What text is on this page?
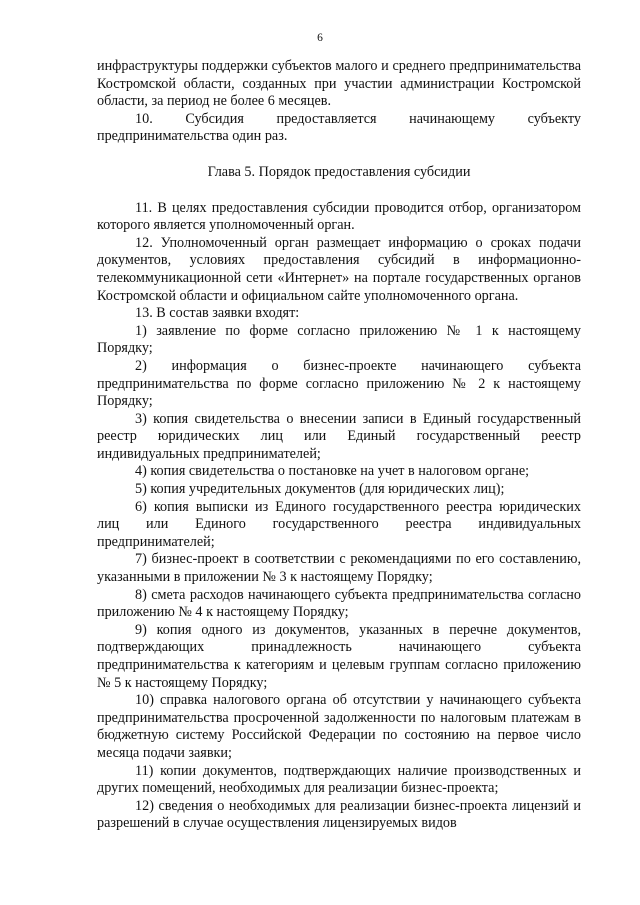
6

инфраструктуры поддержки субъектов малого и среднего предпринимательства Костромской области, созданных при участии администрации Костромской области, за период не более 6 месяцев.

10. Субсидия предоставляется начинающему субъекту предпринимательства один раз.

Глава 5. Порядок предоставления субсидии

11. В целях предоставления субсидии проводится отбор, организатором которого является уполномоченный орган.

12. Уполномоченный орган размещает информацию о сроках подачи документов, условиях предоставления субсидий в информационно-телекоммуникационной сети «Интернет» на портале государственных органов Костромской области и официальном сайте уполномоченного органа.

13. В состав заявки входят:

1) заявление по форме согласно приложению № 1 к настоящему Порядку;

2) информация о бизнес-проекте начинающего субъекта предпринимательства по форме согласно приложению № 2 к настоящему Порядку;

3) копия свидетельства о внесении записи в Единый государственный реестр юридических лиц или Единый государственный реестр индивидуальных предпринимателей;

4) копия свидетельства о постановке на учет в налоговом органе;

5) копия учредительных документов (для юридических лиц);

6) копия выписки из Единого государственного реестра юридических лиц или Единого государственного реестра индивидуальных предпринимателей;

7) бизнес-проект в соответствии с рекомендациями по его составлению, указанными в приложении № 3 к настоящему Порядку;

8) смета расходов начинающего субъекта предпринимательства согласно приложению № 4 к настоящему Порядку;

9) копия одного из документов, указанных в перечне документов, подтверждающих принадлежность начинающего субъекта предпринимательства к категориям и целевым группам согласно приложению № 5 к настоящему Порядку;

10) справка налогового органа об отсутствии у начинающего субъекта предпринимательства просроченной задолженности по налоговым платежам в бюджетную систему Российской Федерации по состоянию на первое число месяца подачи заявки;

11) копии документов, подтверждающих наличие производственных и других помещений, необходимых для реализации бизнес-проекта;

12) сведения о необходимых для реализации бизнес-проекта лицензий и разрешений в случае осуществления лицензируемых видов
